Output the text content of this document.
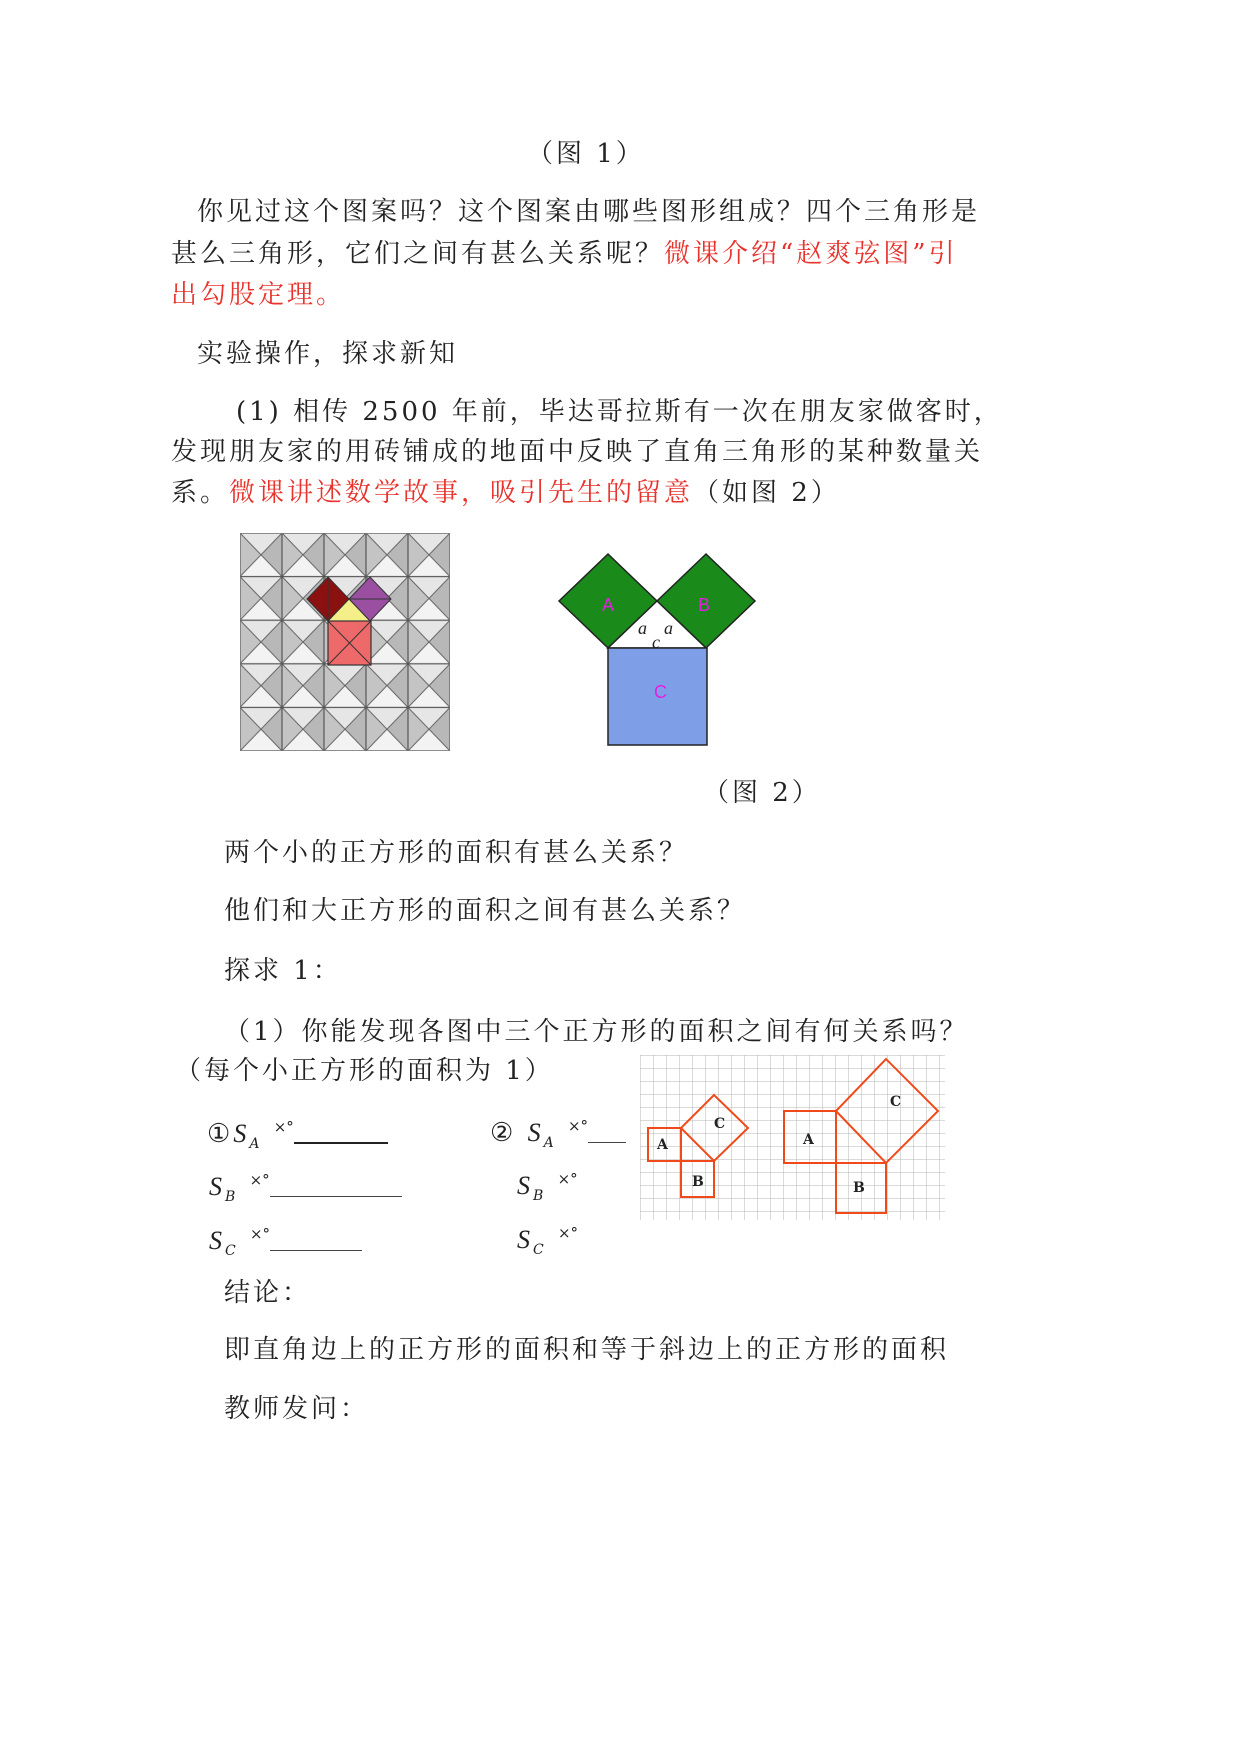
（图 1）
你见过这个图案吗？这个图案由哪些图形组成？四个三角形是
甚么三角形，它们之间有甚么关系呢？微课介绍“赵爽弦图”引
出勾股定理。
实验操作，探求新知
(1) 相传 2500 年前，毕达哥拉斯有一次在朋友家做客时，
发现朋友家的用砖铺成的地面中反映了直角三角形的某种数量关
系。微课讲述数学故事，吸引先生的留意（如图 2）
A	B
C
a a
c
（图 2）
两个小的正方形的面积有甚么关系？
他们和大正方形的面积之间有甚么关系？
探求 1：
（1）你能发现各图中三个正方形的面积之间有何关系吗？
（每个小正方形的面积为 1）
$①S_A$ ×°
$S_B$ ×°
$S_C$ ×°
② $S_A$ ×°
$S_B$ ×°
$S_C$ ×°
A
B
C
A
B
C
结论：
即直角边上的正方形的面积和等于斜边上的正方形的面积
教师发问：
